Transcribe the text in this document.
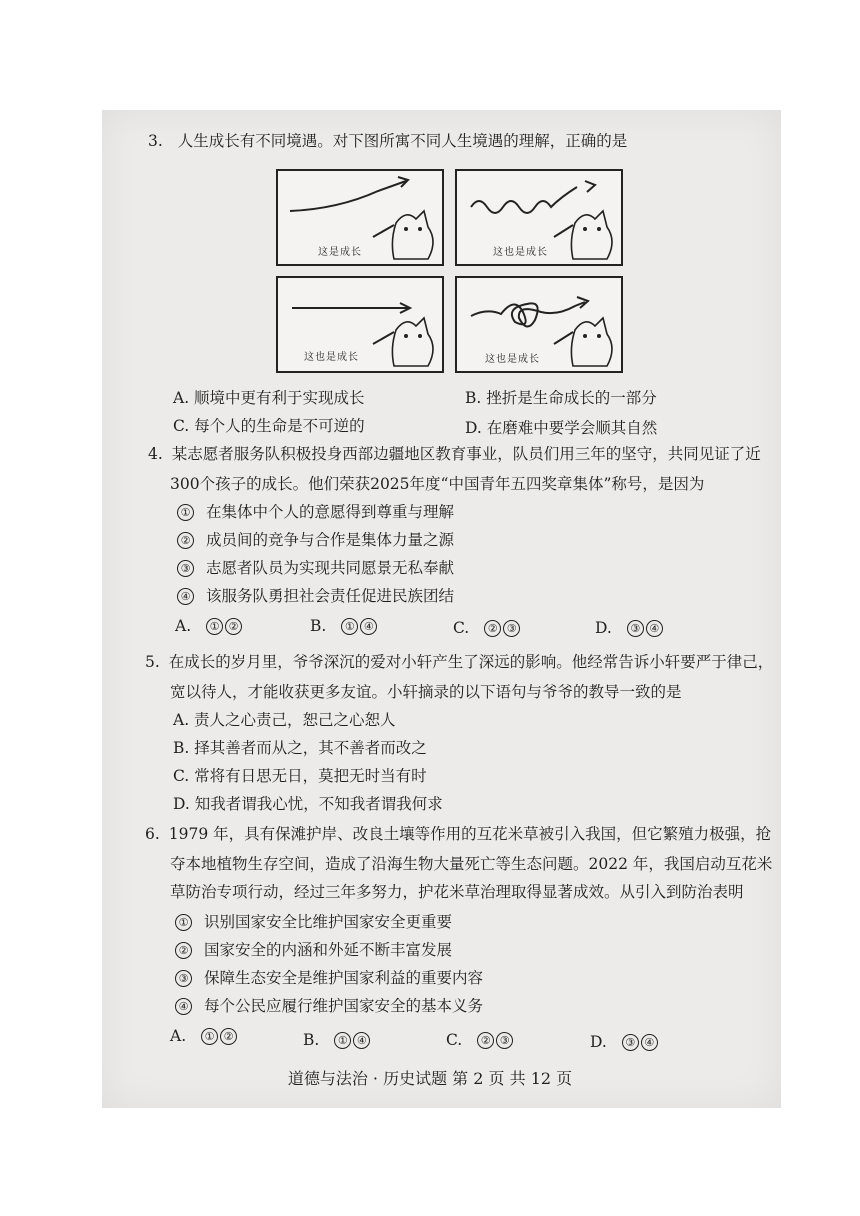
3. 人生成长有不同境遇。对下图所寓不同人生境遇的理解，正确的是
这是成长	这也是成长
这也是成长	这也是成长
A. 顺境中更有利于实现成长	B. 挫折是生命成长的一部分
C. 每个人的生命是不可逆的	D. 在磨难中要学会顺其自然
4. 某志愿者服务队积极投身西部边疆地区教育事业，队员们用三年的坚守，共同见证了近
300个孩子的成长。他们荣获2025年度“中国青年五四奖章集体”称号，是因为
① 在集体中个人的意愿得到尊重与理解
② 成员间的竞争与合作是集体力量之源
③ 志愿者队员为实现共同愿景无私奉献
④ 该服务队勇担社会责任促进民族团结
A. ① ②	B. ① ④	C. ② ③	D. ③ ④
5. 在成长的岁月里，爷爷深沉的爱对小轩产生了深远的影响。他经常告诉小轩要严于律己，
宽以待人，才能收获更多友谊。小轩摘录的以下语句与爷爷的教导一致的是
A. 责人之心责己，恕己之心恕人
B. 择其善者而从之，其不善者而改之
C. 常将有日思无日，莫把无时当有时
D. 知我者谓我心忧，不知我者谓我何求
6. 1979 年，具有保滩护岸、改良土壤等作用的互花米草被引入我国，但它繁殖力极强，抢
夺本地植物生存空间，造成了沿海生物大量死亡等生态问题。2022 年，我国启动互花米
草防治专项行动，经过三年多努力，护花米草治理取得显著成效。从引入到防治表明
① 识别国家安全比维护国家安全更重要
② 国家安全的内涵和外延不断丰富发展
③ 保障生态安全是维护国家利益的重要内容
④ 每个公民应履行维护国家安全的基本义务
A. ① ②	B. ① ④	C. ② ③	D. ③ ④
道德与法治 · 历史试题 第 2 页 共 12 页
